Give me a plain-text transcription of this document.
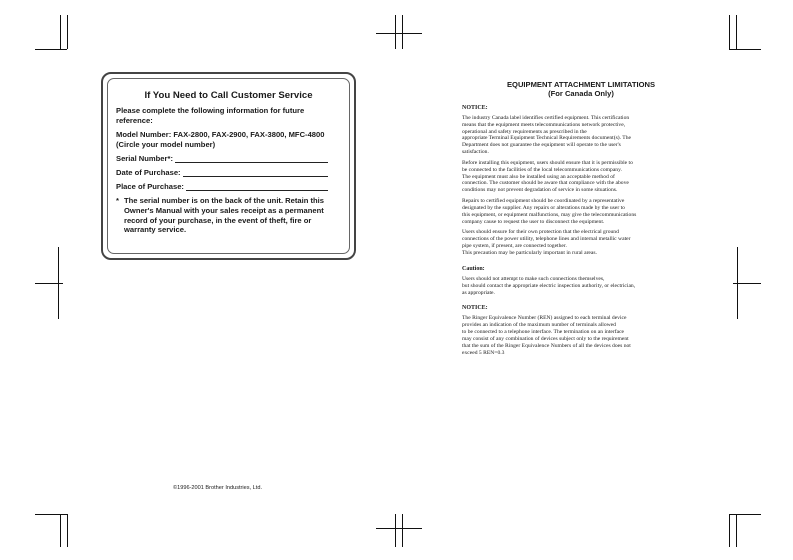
If You Need to Call Customer Service
Please complete the following information for future reference:
Model Number: FAX-2800, FAX-2900, FAX-3800, MFC-4800 (Circle your model number)
Serial Number*:
Date of Purchase:
Place of Purchase:
* The serial number is on the back of the unit. Retain this Owner's Manual with your sales receipt as a permanent record of your purchase, in the event of theft, fire or warranty service.
©1996-2001 Brother Industries, Ltd.
EQUIPMENT ATTACHMENT LIMITATIONS
(For Canada Only)
NOTICE:
The industry Canada label identifies certified equipment. This certification
means that the equipment meets telecommunications network protective,
operational and safety requirements as prescribed in the
appropriate Terminal Equipment Technical Requirements document(s). The
Department does not guarantee the equipment will operate to the user's
satisfaction.
Before installing this equipment, users should ensure that it is permissible to
be connected to the facilities of the local telecommunications company.
The equipment must also be installed using an acceptable method of
connection. The customer should be aware that compliance with the above
conditions may not prevent degradation of service in some situations.
Repairs to certified equipment should be coordinated by a representative
designated by the supplier. Any repairs or alterations made by the user to
this equipment, or equipment malfunctions, may give the telecommunications
company cause to request the user to disconnect the equipment.
Users should ensure for their own protection that the electrical ground
connections of the power utility, telephone lines and internal metallic water
pipe system, if present, are connected together.
This precaution may be particularly important in rural areas.
Caution:
Users should not attempt to make such connections themselves,
but should contact the appropriate electric inspection authority, or electrician,
as appropriate.
NOTICE:
The Ringer Equivalence Number (REN) assigned to each terminal device
provides an indication of the maximum number of terminals allowed
to be connected to a telephone interface. The termination on an interface
may consist of any combination of devices subject only to the requirement
that the sum of the Ringer Equivalence Numbers of all the devices does not
exceed 5 REN=0.3
